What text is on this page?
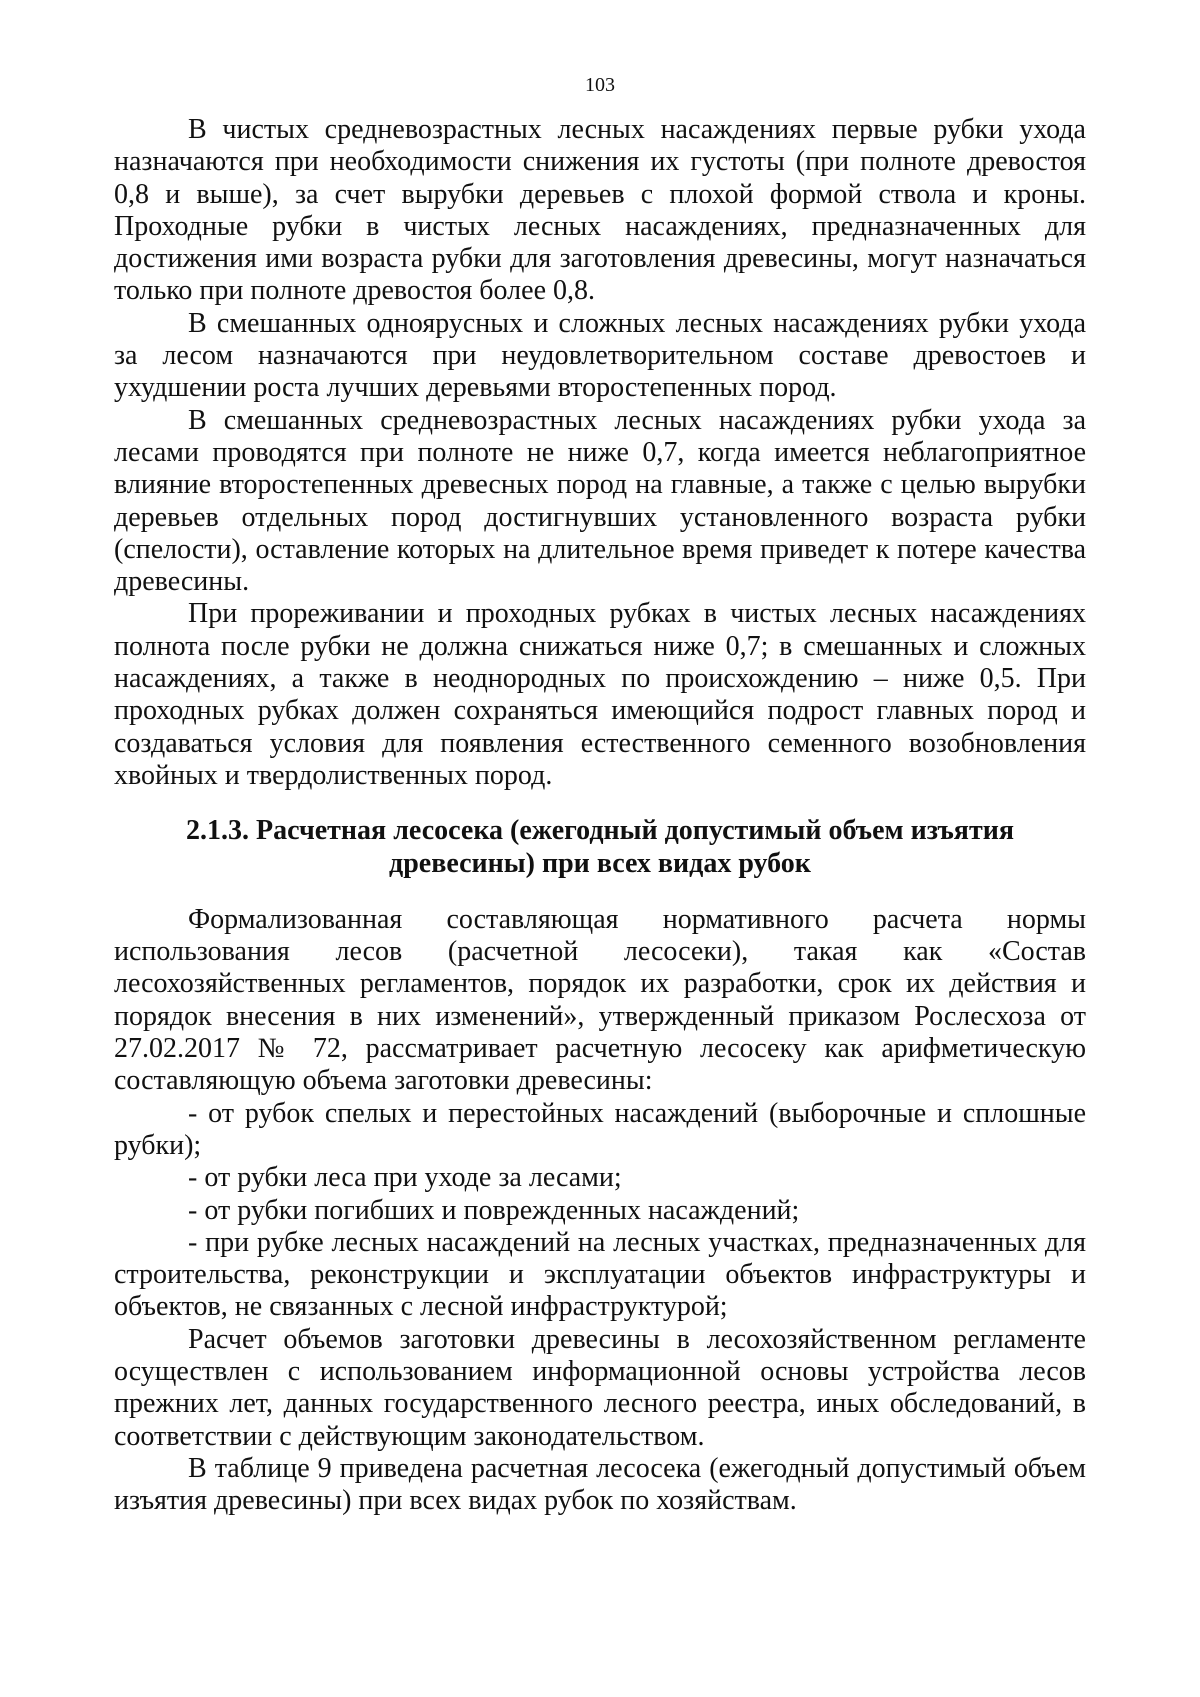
103

В чистых средневозрастных лесных насаждениях первые рубки ухода назначаются при необходимости снижения их густоты (при полноте древостоя 0,8 и выше), за счет вырубки деревьев с плохой формой ствола и кроны. Проходные рубки в чистых лесных насаждениях, предназначенных для достижения ими возраста рубки для заготовления древесины, могут назначаться только при полноте древостоя более 0,8.

В смешанных одноярусных и сложных лесных насаждениях рубки ухода за лесом назначаются при неудовлетворительном составе древостоев и ухудшении роста лучших деревьями второстепенных пород.

В смешанных средневозрастных лесных насаждениях рубки ухода за лесами проводятся при полноте не ниже 0,7, когда имеется неблагоприятное влияние второстепенных древесных пород на главные, а также с целью вырубки деревьев отдельных пород достигнувших установленного возраста рубки (спелости), оставление которых на длительное время приведет к потере качества древесины.

При прореживании и проходных рубках в чистых лесных насаждениях полнота после рубки не должна снижаться ниже 0,7; в смешанных и сложных насаждениях, а также в неоднородных по происхождению – ниже 0,5. При проходных рубках должен сохраняться имеющийся подрост главных пород и создаваться условия для появления естественного семенного возобновления хвойных и твердолиственных пород.

2.1.3. Расчетная лесосека (ежегодный допустимый объем изъятия
древесины) при всех видах рубок

Формализованная составляющая нормативного расчета нормы использования лесов (расчетной лесосеки), такая как «Состав лесохозяйственных регламентов, порядок их разработки, срок их действия и порядок внесения в них изменений», утвержденный приказом Рослесхоза от 27.02.2017 № 72, рассматривает расчетную лесосеку как арифметическую составляющую объема заготовки древесины:

- от рубок спелых и перестойных насаждений (выборочные и сплошные рубки);

- от рубки леса при уходе за лесами;

- от рубки погибших и поврежденных насаждений;

- при рубке лесных насаждений на лесных участках, предназначенных для строительства, реконструкции и эксплуатации объектов инфраструктуры и объектов, не связанных с лесной инфраструктурой;

Расчет объемов заготовки древесины в лесохозяйственном регламенте осуществлен с использованием информационной основы устройства лесов прежних лет, данных государственного лесного реестра, иных обследований, в соответствии с действующим законодательством.

В таблице 9 приведена расчетная лесосека (ежегодный допустимый объем изъятия древесины) при всех видах рубок по хозяйствам.
